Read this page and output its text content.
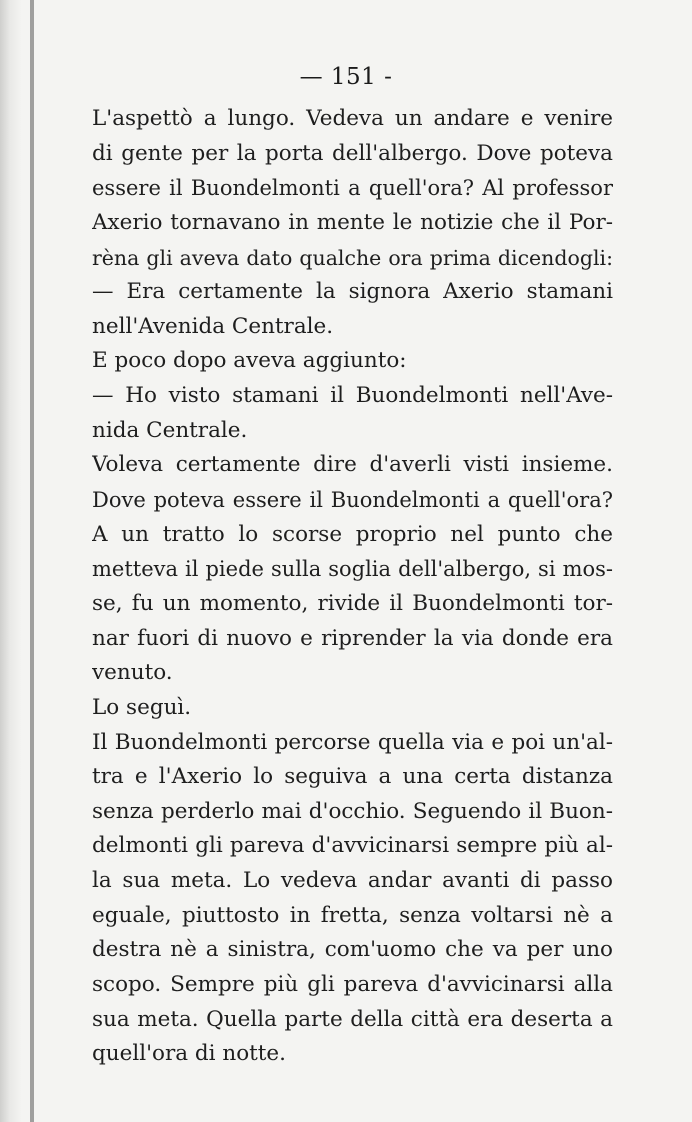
— 151 -
L'aspettò a lungo. Vedeva un andare e venire
di gente per la porta dell'albergo. Dove poteva
essere il Buondelmonti a quell'ora? Al professor
Axerio tornavano in mente le notizie che il Por-
rèna gli aveva dato qualche ora prima dicendogli:
— Era certamente la signora Axerio stamani
nell'Avenida Centrale.
E poco dopo aveva aggiunto:
— Ho visto stamani il Buondelmonti nell'Ave-
nida Centrale.
Voleva certamente dire d'averli visti insieme.
Dove poteva essere il Buondelmonti a quell'ora?
A un tratto lo scorse proprio nel punto che
metteva il piede sulla soglia dell'albergo, si mos-
se, fu un momento, rivide il Buondelmonti tor-
nar fuori di nuovo e riprender la via donde era
venuto.
Lo seguì.
Il Buondelmonti percorse quella via e poi un'al-
tra e l'Axerio lo seguiva a una certa distanza
senza perderlo mai d'occhio. Seguendo il Buon-
delmonti gli pareva d'avvicinarsi sempre più al-
la sua meta. Lo vedeva andar avanti di passo
eguale, piuttosto in fretta, senza voltarsi nè a
destra nè a sinistra, com'uomo che va per uno
scopo. Sempre più gli pareva d'avvicinarsi alla
sua meta. Quella parte della città era deserta a
quell'ora di notte.
